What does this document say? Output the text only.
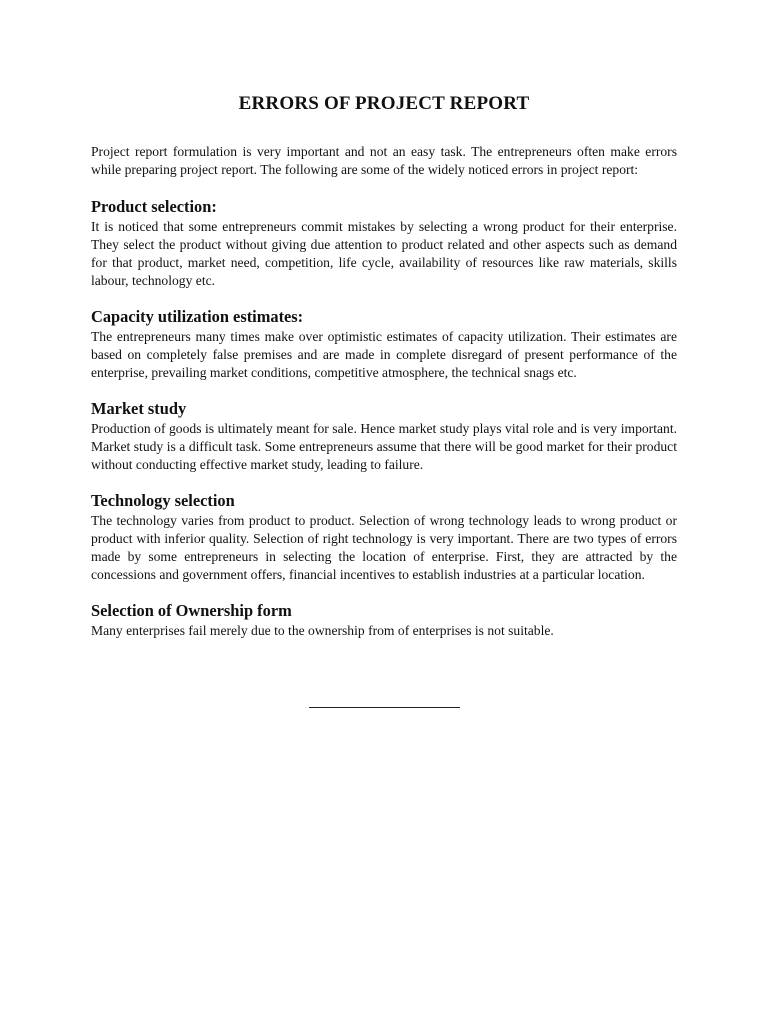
ERRORS OF PROJECT REPORT

Project report formulation is very important and not an easy task. The entrepreneurs often make errors while preparing project report. The following are some of the widely noticed errors in project report:

Product selection:

It is noticed that some entrepreneurs commit mistakes by selecting a wrong product for their enterprise. They select the product without giving due attention to product related and other aspects such as demand for that product, market need, competition, life cycle, availability of resources like raw materials, skills labour, technology etc.

Capacity utilization estimates:

The entrepreneurs many times make over optimistic estimates of capacity utilization. Their estimates are based on completely false premises and are made in complete disregard of present performance of the enterprise, prevailing market conditions, competitive atmosphere, the technical snags etc.

Market study

Production of goods is ultimately meant for sale. Hence market study plays vital role and is very important. Market study is a difficult task. Some entrepreneurs assume that there will be good market for their product without conducting effective market study, leading to failure.

Technology selection

The technology varies from product to product. Selection of wrong technology leads to wrong product or product with inferior quality. Selection of right technology is very important. There are two types of errors made by some entrepreneurs in selecting the location of enterprise. First, they are attracted by the concessions and government offers, financial incentives to establish industries at a particular location.

Selection of Ownership form

Many enterprises fail merely due to the ownership from of enterprises is not suitable.
